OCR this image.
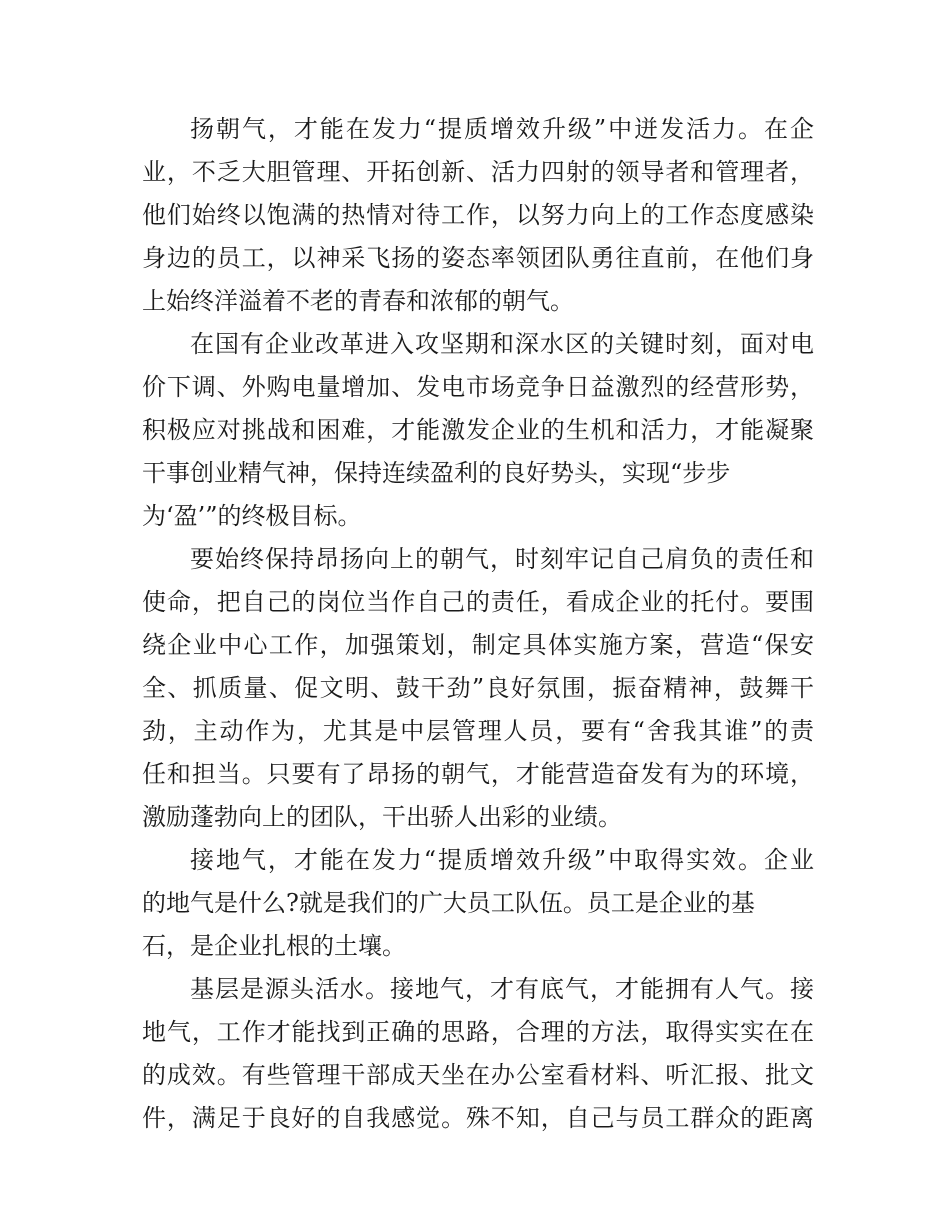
扬朝气，才能在发力“提质增效升级”中迸发活力。在企
业，不乏大胆管理、开拓创新、活力四射的领导者和管理者，
他们始终以饱满的热情对待工作，以努力向上的工作态度感染
身边的员工，以神采飞扬的姿态率领团队勇往直前，在他们身
上始终洋溢着不老的青春和浓郁的朝气。
在国有企业改革进入攻坚期和深水区的关键时刻，面对电
价下调、外购电量增加、发电市场竞争日益激烈的经营形势，
积极应对挑战和困难，才能激发企业的生机和活力，才能凝聚
干事创业精气神，保持连续盈利的良好势头，实现“步步
为‘盈’”的终极目标。
要始终保持昂扬向上的朝气，时刻牢记自己肩负的责任和
使命，把自己的岗位当作自己的责任，看成企业的托付。要围
绕企业中心工作，加强策划，制定具体实施方案，营造“保安
全、抓质量、促文明、鼓干劲”良好氛围，振奋精神，鼓舞干
劲，主动作为，尤其是中层管理人员，要有“舍我其谁”的责
任和担当。只要有了昂扬的朝气，才能营造奋发有为的环境，
激励蓬勃向上的团队，干出骄人出彩的业绩。
接地气，才能在发力“提质增效升级”中取得实效。企业
的地气是什么?就是我们的广大员工队伍。员工是企业的基
石，是企业扎根的土壤。
基层是源头活水。接地气，才有底气，才能拥有人气。接
地气，工作才能找到正确的思路，合理的方法，取得实实在在
的成效。有些管理干部成天坐在办公室看材料、听汇报、批文
件，满足于良好的自我感觉。殊不知，自己与员工群众的距离
